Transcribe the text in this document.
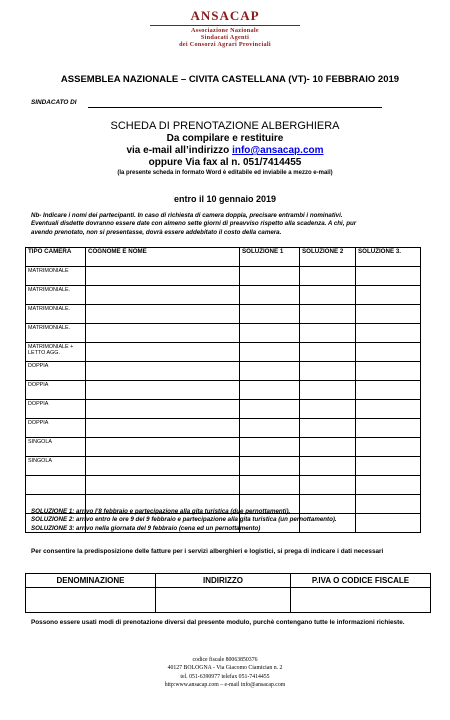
ANSACAP
Associazione Nazionale
Sindacati Agenti
dei Consorzi Agrari Provinciali
ASSEMBLEA NAZIONALE – CIVITA CASTELLANA (VT)- 10 FEBBRAIO 2019
SINDACATO DI
SCHEDA DI PRENOTAZIONE ALBERGHIERA
Da compilare e restituire
via e-mail all’indirizzo info@ansacap.com
oppure Via fax al n. 051/7414455
(la presente scheda in formato Word è editabile ed inviabile a mezzo e-mail)
entro il 10 gennaio 2019
Nb- Indicare i nomi dei partecipanti. In caso di richiesta di camera doppia, precisare entrambi i nominativi.
Eventuali disdette dovranno essere date con almeno sette giorni di preavviso rispetto alla scadenza. A chi, pur
avendo prenotato, non si presentasse, dovrà essere addebitato il costo della camera.
TIPO CAMERA	COGNOME E NOME	SOLUZIONE 1	SOLUZIONE 2	SOLUZIONE 3.
MATRIMONIALE				
MATRIMONIALE.				
MATRIMONIALE.				
MATRIMONIALE.				
MATRIMONIALE + LETTO AGG.				
DOPPIA				
DOPPIA				
DOPPIA				
DOPPIA				
SINGOLA				
SINGOLA				

SOLUZIONE 1: arrivo l’8 febbraio e partecipazione alla gita turistica (due pernottamenti).
SOLUZIONE 2: arrivo entro le ore 9 del 9 febbraio e partecipazione alla gita turistica (un pernottamento).
SOLUZIONE 3: arrivo nella giornata del 9 febbraio (cena ed un pernottamento)
Per consentire la predisposizione delle fatture per i servizi alberghieri e logistici, si prega di indicare i dati necessari
DENOMINAZIONE	INDIRIZZO	P.IVA O CODICE FISCALE

Possono essere usati modi di prenotazione diversi dal presente modulo, purchè contengano tutte le informazioni richieste.
codice fiscale 80063850376
40127 BOLOGNA - Via Giacomo Ciamician n. 2
tel. 051-6390977 telefax 051-7414455
http:www.ansacap.com – e-mail info@ansacap.com
